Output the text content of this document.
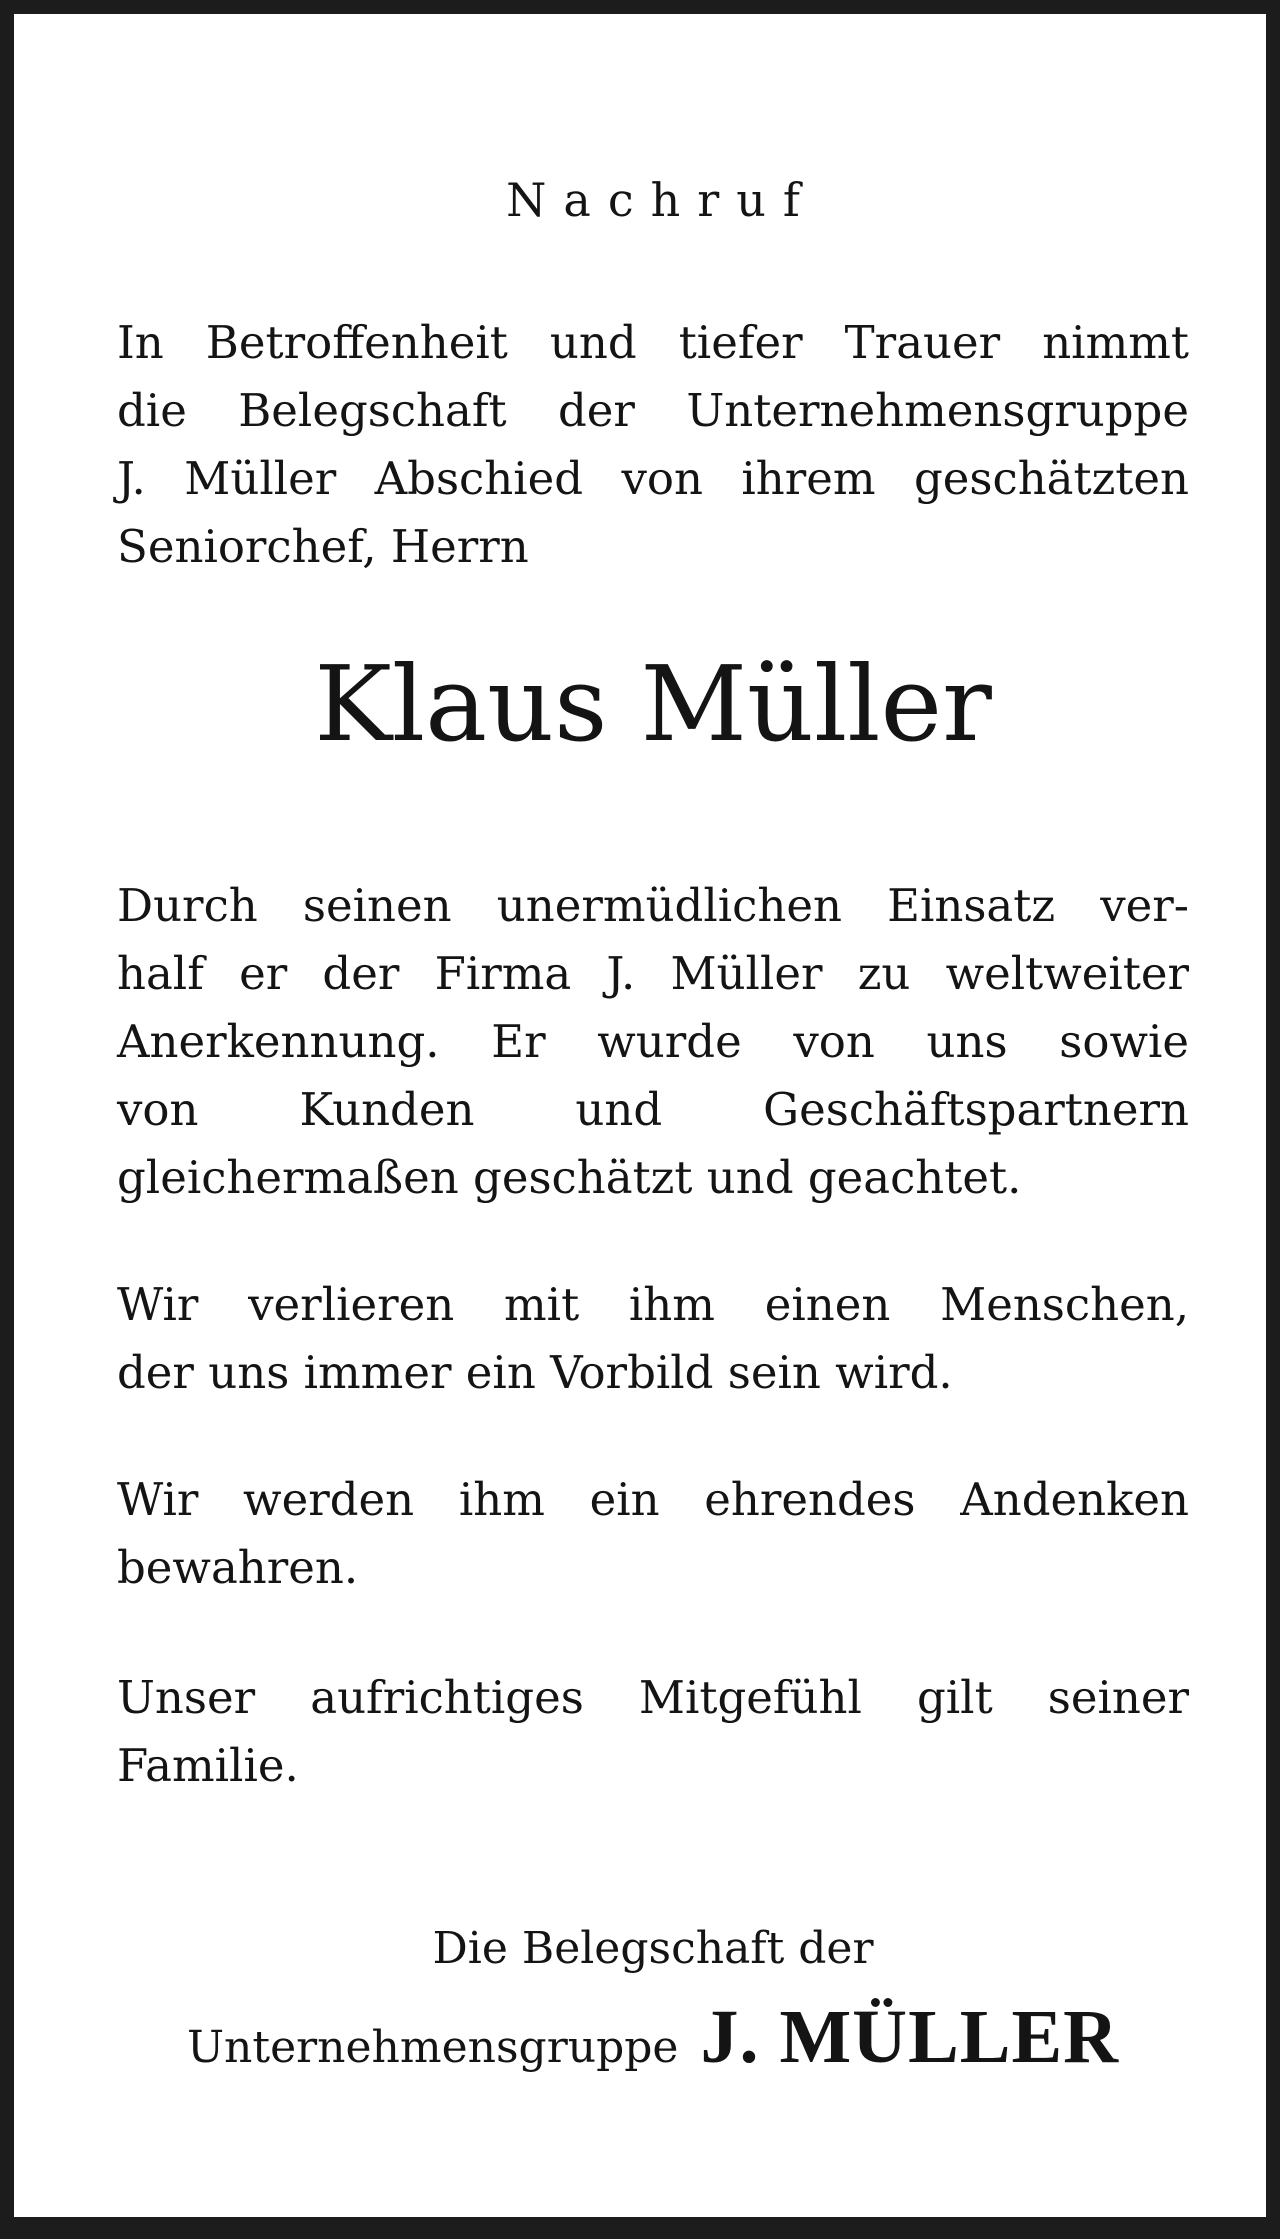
Nachruf

In Betroffenheit und tiefer Trauer nimmt
die Belegschaft der Unternehmensgruppe
J. Müller Abschied von ihrem geschätzten
Seniorchef, Herrn

Klaus Müller

Durch seinen unermüdlichen Einsatz ver-
half er der Firma J. Müller zu weltweiter
Anerkennung. Er wurde von uns sowie
von Kunden und Geschäftspartnern
gleichermaßen geschätzt und geachtet.

Wir verlieren mit ihm einen Menschen,
der uns immer ein Vorbild sein wird.

Wir werden ihm ein ehrendes Andenken
bewahren.

Unser aufrichtiges Mitgefühl gilt seiner
Familie.

Die Belegschaft der
Unternehmensgruppe J. MÜLLER
